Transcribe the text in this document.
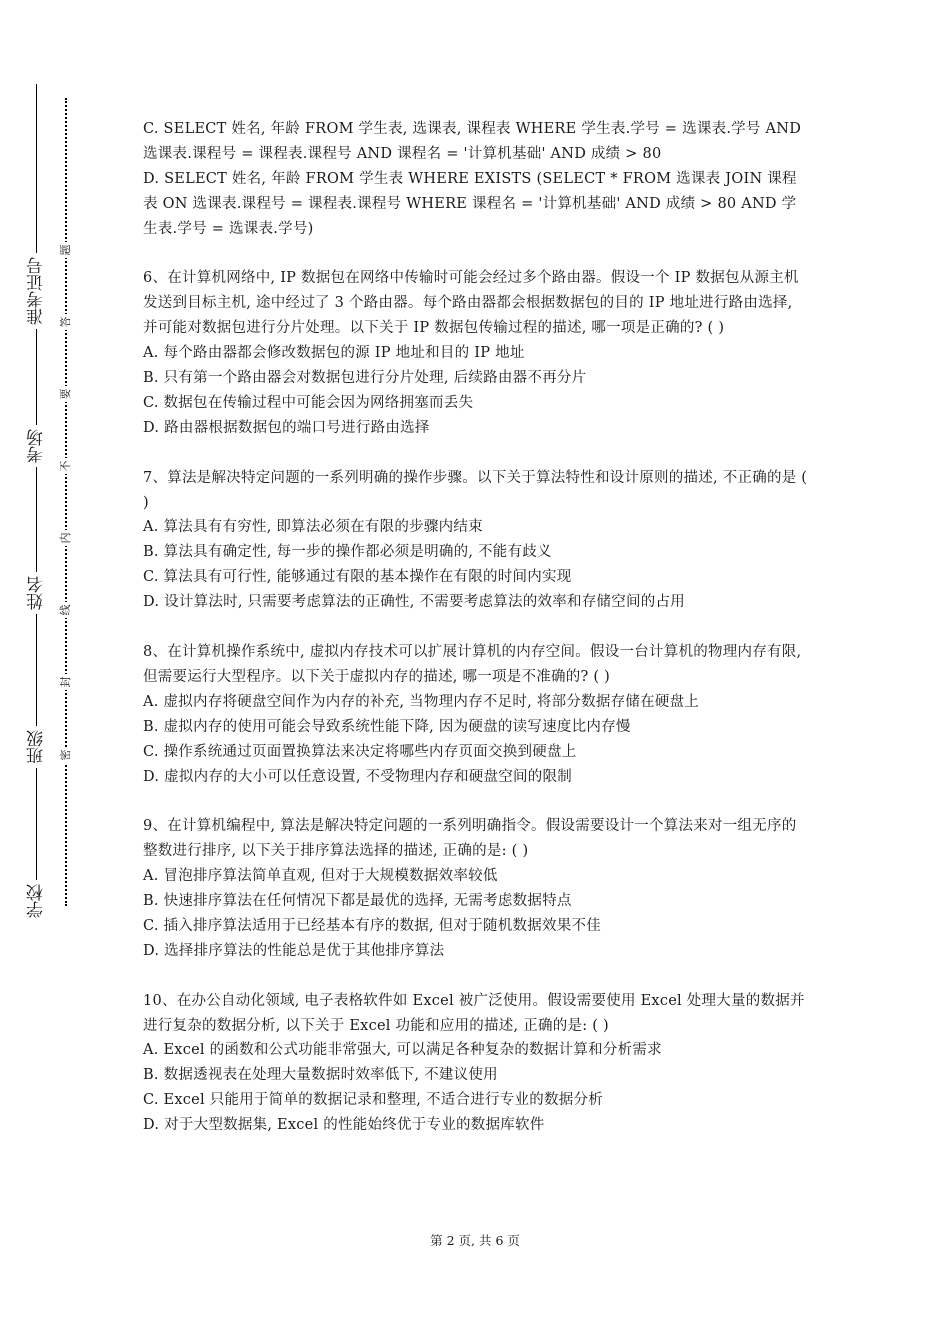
学校
班级
姓名
考场
准考证号
密
封
线
内
不
要
答
题

C. SELECT 姓名, 年龄 FROM 学生表, 选课表, 课程表 WHERE 学生表.学号 = 选课表.学号 AND 选课表.课程号 = 课程表.课程号 AND 课程名 = '计算机基础' AND 成绩 > 80

D. SELECT 姓名, 年龄 FROM 学生表 WHERE EXISTS (SELECT * FROM 选课表 JOIN 课程表 ON 选课表.课程号 = 课程表.课程号 WHERE 课程名 = '计算机基础' AND 成绩 > 80 AND 学生表.学号 = 选课表.学号)

6、在计算机网络中, IP 数据包在网络中传输时可能会经过多个路由器。假设一个 IP 数据包从源主机发送到目标主机, 途中经过了 3 个路由器。每个路由器都会根据数据包的目的 IP 地址进行路由选择, 并可能对数据包进行分片处理。以下关于 IP 数据包传输过程的描述, 哪一项是正确的? ( )

A. 每个路由器都会修改数据包的源 IP 地址和目的 IP 地址

B. 只有第一个路由器会对数据包进行分片处理, 后续路由器不再分片

C. 数据包在传输过程中可能会因为网络拥塞而丢失

D. 路由器根据数据包的端口号进行路由选择

7、算法是解决特定问题的一系列明确的操作步骤。以下关于算法特性和设计原则的描述, 不正确的是 ( )

A. 算法具有有穷性, 即算法必须在有限的步骤内结束

B. 算法具有确定性, 每一步的操作都必须是明确的, 不能有歧义

C. 算法具有可行性, 能够通过有限的基本操作在有限的时间内实现

D. 设计算法时, 只需要考虑算法的正确性, 不需要考虑算法的效率和存储空间的占用

8、在计算机操作系统中, 虚拟内存技术可以扩展计算机的内存空间。假设一台计算机的物理内存有限, 但需要运行大型程序。以下关于虚拟内存的描述, 哪一项是不准确的? ( )

A. 虚拟内存将硬盘空间作为内存的补充, 当物理内存不足时, 将部分数据存储在硬盘上

B. 虚拟内存的使用可能会导致系统性能下降, 因为硬盘的读写速度比内存慢

C. 操作系统通过页面置换算法来决定将哪些内存页面交换到硬盘上

D. 虚拟内存的大小可以任意设置, 不受物理内存和硬盘空间的限制

9、在计算机编程中, 算法是解决特定问题的一系列明确指令。假设需要设计一个算法来对一组无序的整数进行排序, 以下关于排序算法选择的描述, 正确的是: ( )

A. 冒泡排序算法简单直观, 但对于大规模数据效率较低

B. 快速排序算法在任何情况下都是最优的选择, 无需考虑数据特点

C. 插入排序算法适用于已经基本有序的数据, 但对于随机数据效果不佳

D. 选择排序算法的性能总是优于其他排序算法

10、在办公自动化领域, 电子表格软件如 Excel 被广泛使用。假设需要使用 Excel 处理大量的数据并进行复杂的数据分析, 以下关于 Excel 功能和应用的描述, 正确的是: ( )

A. Excel 的函数和公式功能非常强大, 可以满足各种复杂的数据计算和分析需求

B. 数据透视表在处理大量数据时效率低下, 不建议使用

C. Excel 只能用于简单的数据记录和整理, 不适合进行专业的数据分析

D. 对于大型数据集, Excel 的性能始终优于专业的数据库软件

第 2 页, 共 6 页
